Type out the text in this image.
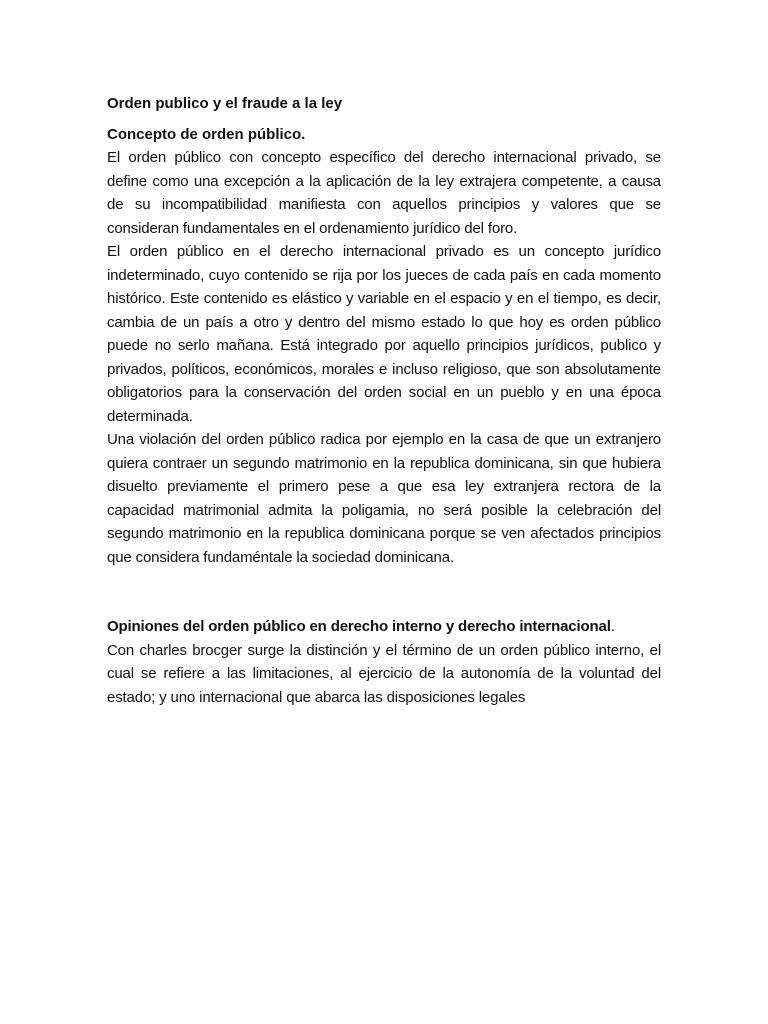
Orden publico y el fraude a la ley
Concepto de orden público.

El orden público con concepto específico del derecho internacional privado, se define como una excepción a la aplicación de la ley extrajera competente, a causa de su incompatibilidad manifiesta con aquellos principios y valores que se consideran fundamentales en el ordenamiento jurídico del foro.

El orden público en el derecho internacional privado es un concepto jurídico indeterminado, cuyo contenido se rija por los jueces de cada país en cada momento histórico. Este contenido es elástico y variable en el espacio y en el tiempo, es decir, cambia de un país a otro y dentro del mismo estado lo que hoy es orden público puede no serlo mañana. Está integrado por aquello principios jurídicos, publico y privados, políticos, económicos, morales e incluso religioso, que son absolutamente obligatorios para la conservación del orden social en un pueblo y en una época determinada.

Una violación del orden público radica por ejemplo en la casa de que un extranjero quiera contraer un segundo matrimonio en la republica dominicana, sin que hubiera disuelto previamente el primero pese a que esa ley extranjera rectora de la capacidad matrimonial admita la poligamia, no será posible la celebración del segundo matrimonio en la republica dominicana porque se ven afectados principios que considera fundaméntale la sociedad dominicana.

Opiniones del orden público en derecho interno y derecho internacional.

Con charles brocger surge la distinción y el término de un orden público interno, el cual se refiere a las limitaciones, al ejercicio de la autonomía de la voluntad del estado; y uno internacional que abarca las disposiciones legales
